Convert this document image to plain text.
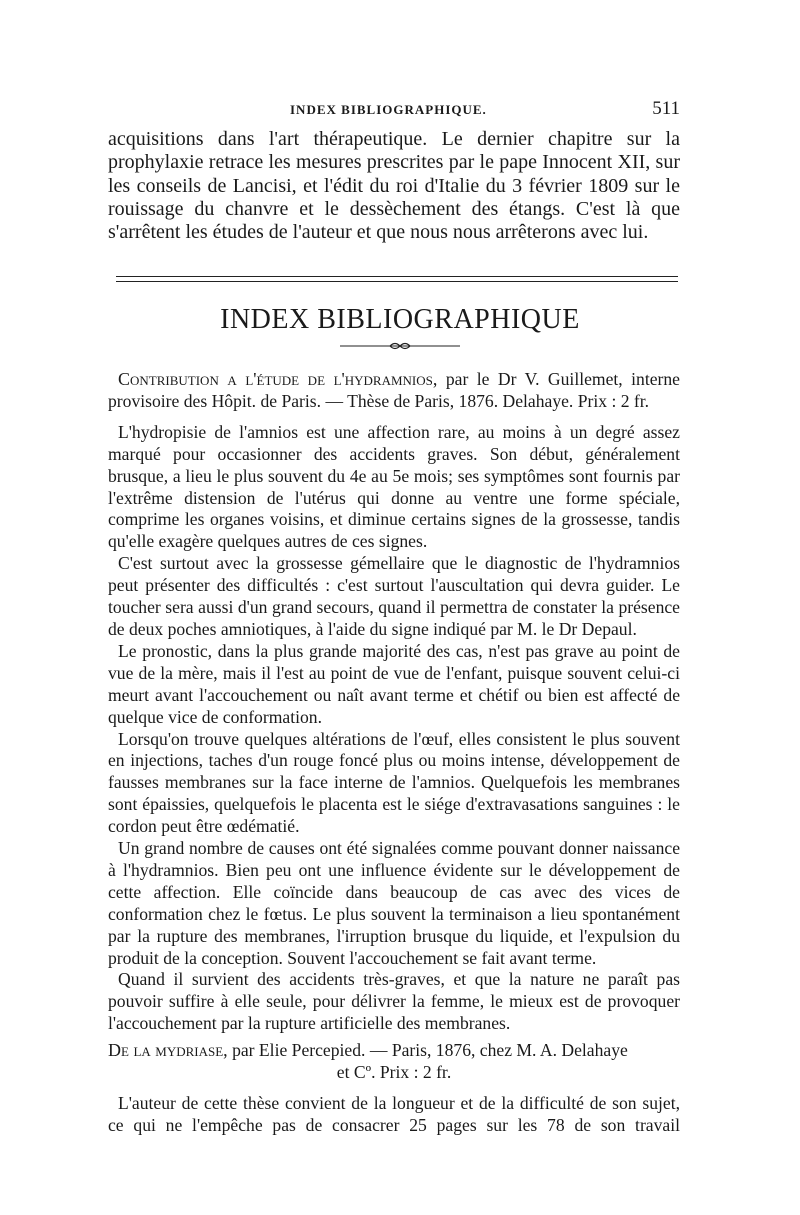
INDEX BIBLIOGRAPHIQUE.	511

acquisitions dans l'art thérapeutique. Le dernier chapitre sur la prophylaxie retrace les mesures prescrites par le pape Innocent XII, sur les conseils de Lancisi, et l'édit du roi d'Italie du 3 février 1809 sur le rouissage du chanvre et le dessèchement des étangs. C'est là que s'arrêtent les études de l'auteur et que nous nous arrêterons avec lui.

INDEX BIBLIOGRAPHIQUE

Contribution a l'étude de l'hydramnios, par le Dr V. Guillemet, interne provisoire des Hôpit. de Paris. — Thèse de Paris, 1876. Delahaye. Prix : 2 fr.

L'hydropisie de l'amnios est une affection rare, au moins à un degré assez marqué pour occasionner des accidents graves. Son début, généralement brusque, a lieu le plus souvent du 4e au 5e mois; ses symptômes sont fournis par l'extrême distension de l'utérus qui donne au ventre une forme spéciale, comprime les organes voisins, et diminue certains signes de la grossesse, tandis qu'elle exagère quelques autres de ces signes.

C'est surtout avec la grossesse gémellaire que le diagnostic de l'hydramnios peut présenter des difficultés : c'est surtout l'auscultation qui devra guider. Le toucher sera aussi d'un grand secours, quand il permettra de constater la présence de deux poches amniotiques, à l'aide du signe indiqué par M. le Dr Depaul.

Le pronostic, dans la plus grande majorité des cas, n'est pas grave au point de vue de la mère, mais il l'est au point de vue de l'enfant, puisque souvent celui-ci meurt avant l'accouchement ou naît avant terme et chétif ou bien est affecté de quelque vice de conformation.

Lorsqu'on trouve quelques altérations de l'œuf, elles consistent le plus souvent en injections, taches d'un rouge foncé plus ou moins intense, développement de fausses membranes sur la face interne de l'amnios. Quelquefois les membranes sont épaissies, quelquefois le placenta est le siége d'extravasations sanguines : le cordon peut être œdématié.

Un grand nombre de causes ont été signalées comme pouvant donner naissance à l'hydramnios. Bien peu ont une influence évidente sur le développement de cette affection. Elle coïncide dans beaucoup de cas avec des vices de conformation chez le fœtus. Le plus souvent la terminaison a lieu spontanément par la rupture des membranes, l'irruption brusque du liquide, et l'expulsion du produit de la conception. Souvent l'accouchement se fait avant terme.

Quand il survient des accidents très-graves, et que la nature ne paraît pas pouvoir suffire à elle seule, pour délivrer la femme, le mieux est de provoquer l'accouchement par la rupture artificielle des membranes.

De la mydriase, par Elie Percepied. — Paris, 1876, chez M. A. Delahaye

et Cº. Prix : 2 fr.

L'auteur de cette thèse convient de la longueur et de la difficulté de son sujet, ce qui ne l'empêche pas de consacrer 25 pages sur les 78 de son travail
